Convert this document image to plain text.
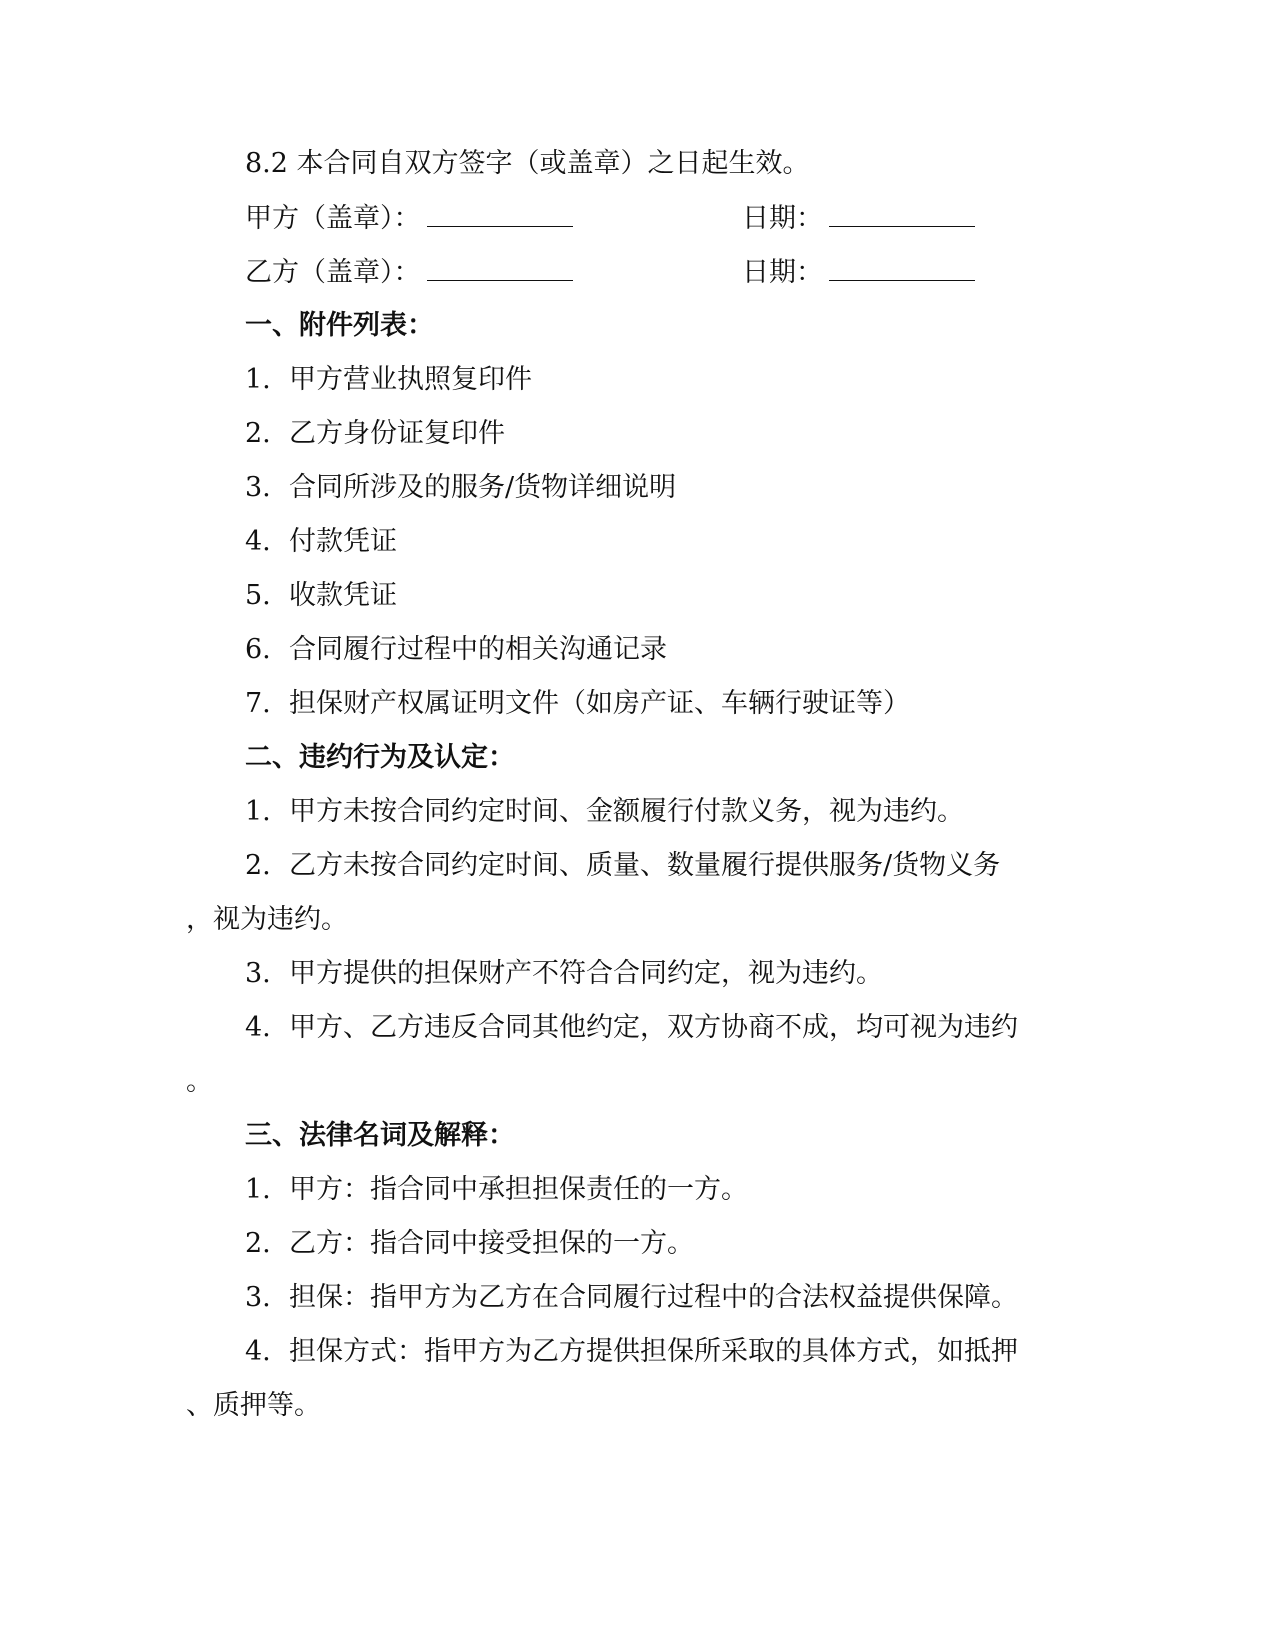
8.2 本合同自双方签字（或盖章）之日起生效。
甲方（盖章）：	日期：
乙方（盖章）：	日期：
一、附件列表：
1. 甲方营业执照复印件
2. 乙方身份证复印件
3. 合同所涉及的服务/货物详细说明
4. 付款凭证
5. 收款凭证
6. 合同履行过程中的相关沟通记录
7. 担保财产权属证明文件（如房产证、车辆行驶证等）
二、违约行为及认定：
1. 甲方未按合同约定时间、金额履行付款义务，视为违约。
2. 乙方未按合同约定时间、质量、数量履行提供服务/货物义务
，视为违约。
3. 甲方提供的担保财产不符合合同约定，视为违约。
4. 甲方、乙方违反合同其他约定，双方协商不成，均可视为违约
。
三、法律名词及解释：
1. 甲方：指合同中承担担保责任的一方。
2. 乙方：指合同中接受担保的一方。
3. 担保：指甲方为乙方在合同履行过程中的合法权益提供保障。
4. 担保方式：指甲方为乙方提供担保所采取的具体方式，如抵押
、质押等。
